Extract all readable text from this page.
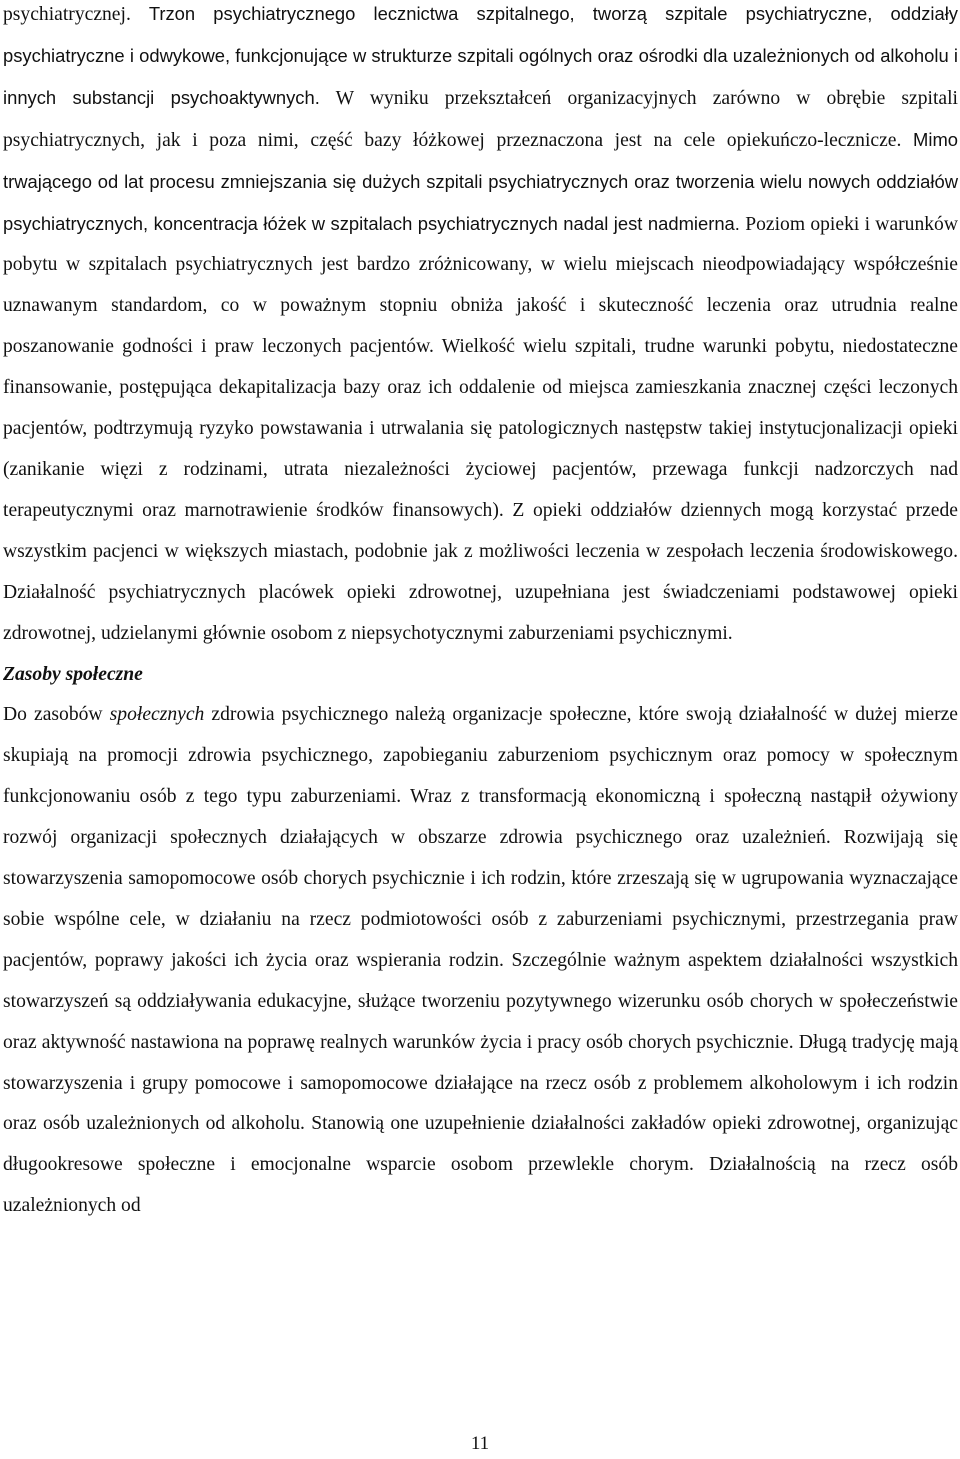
psychiatrycznej. Trzon psychiatrycznego lecznictwa szpitalnego, tworzą szpitale psychiatryczne, oddziały psychiatryczne i odwykowe, funkcjonujące w strukturze szpitali ogólnych oraz ośrodki dla uzależnionych od alkoholu i innych substancji psychoaktywnych. W wyniku przekształceń organizacyjnych zarówno w obrębie szpitali psychiatrycznych, jak i poza nimi, część bazy łóżkowej przeznaczona jest na cele opiekuńczo-lecznicze. Mimo trwającego od lat procesu zmniejszania się dużych szpitali psychiatrycznych oraz tworzenia wielu nowych oddziałów psychiatrycznych, koncentracja łóżek w szpitalach psychiatrycznych nadal jest nadmierna. Poziom opieki i warunków pobytu w szpitalach psychiatrycznych jest bardzo zróżnicowany, w wielu miejscach nieodpowiadający współcześnie uznawanym standardom, co w poważnym stopniu obniża jakość i skuteczność leczenia oraz utrudnia realne poszanowanie godności i praw leczonych pacjentów. Wielkość wielu szpitali, trudne warunki pobytu, niedostateczne finansowanie, postępująca dekapitalizacja bazy oraz ich oddalenie od miejsca zamieszkania znacznej części leczonych pacjentów, podtrzymują ryzyko powstawania i utrwalania się patologicznych następstw takiej instytucjonalizacji opieki (zanikanie więzi z rodzinami, utrata niezależności życiowej pacjentów, przewaga funkcji nadzorczych nad terapeutycznymi oraz marnotrawienie środków finansowych). Z opieki oddziałów dziennych mogą korzystać przede wszystkim pacjenci w większych miastach, podobnie jak z możliwości leczenia w zespołach leczenia środowiskowego. Działalność psychiatrycznych placówek opieki zdrowotnej, uzupełniana jest świadczeniami podstawowej opieki zdrowotnej, udzielanymi głównie osobom z niepsychotycznymi zaburzeniami psychicznymi.

Zasoby społeczne

Do zasobów społecznych zdrowia psychicznego należą organizacje społeczne, które swoją działalność w dużej mierze skupiają na promocji zdrowia psychicznego, zapobieganiu zaburzeniom psychicznym oraz pomocy w społecznym funkcjonowaniu osób z tego typu zaburzeniami. Wraz z transformacją ekonomiczną i społeczną nastąpił ożywiony rozwój organizacji społecznych działających w obszarze zdrowia psychicznego oraz uzależnień. Rozwijają się stowarzyszenia samopomocowe osób chorych psychicznie i ich rodzin, które zrzeszają się w ugrupowania wyznaczające sobie wspólne cele, w działaniu na rzecz podmiotowości osób z zaburzeniami psychicznymi, przestrzegania praw pacjentów, poprawy jakości ich życia oraz wspierania rodzin. Szczególnie ważnym aspektem działalności wszystkich stowarzyszeń są oddziaływania edukacyjne, służące tworzeniu pozytywnego wizerunku osób chorych w społeczeństwie oraz aktywność nastawiona na poprawę realnych warunków życia i pracy osób chorych psychicznie. Długą tradycję mają stowarzyszenia i grupy pomocowe i samopomocowe działające na rzecz osób z problemem alkoholowym i ich rodzin oraz osób uzależnionych od alkoholu. Stanowią one uzupełnienie działalności zakładów opieki zdrowotnej, organizując długookresowe społeczne i emocjonalne wsparcie osobom przewlekle chorym. Działalnością na rzecz osób uzależnionych od

11
